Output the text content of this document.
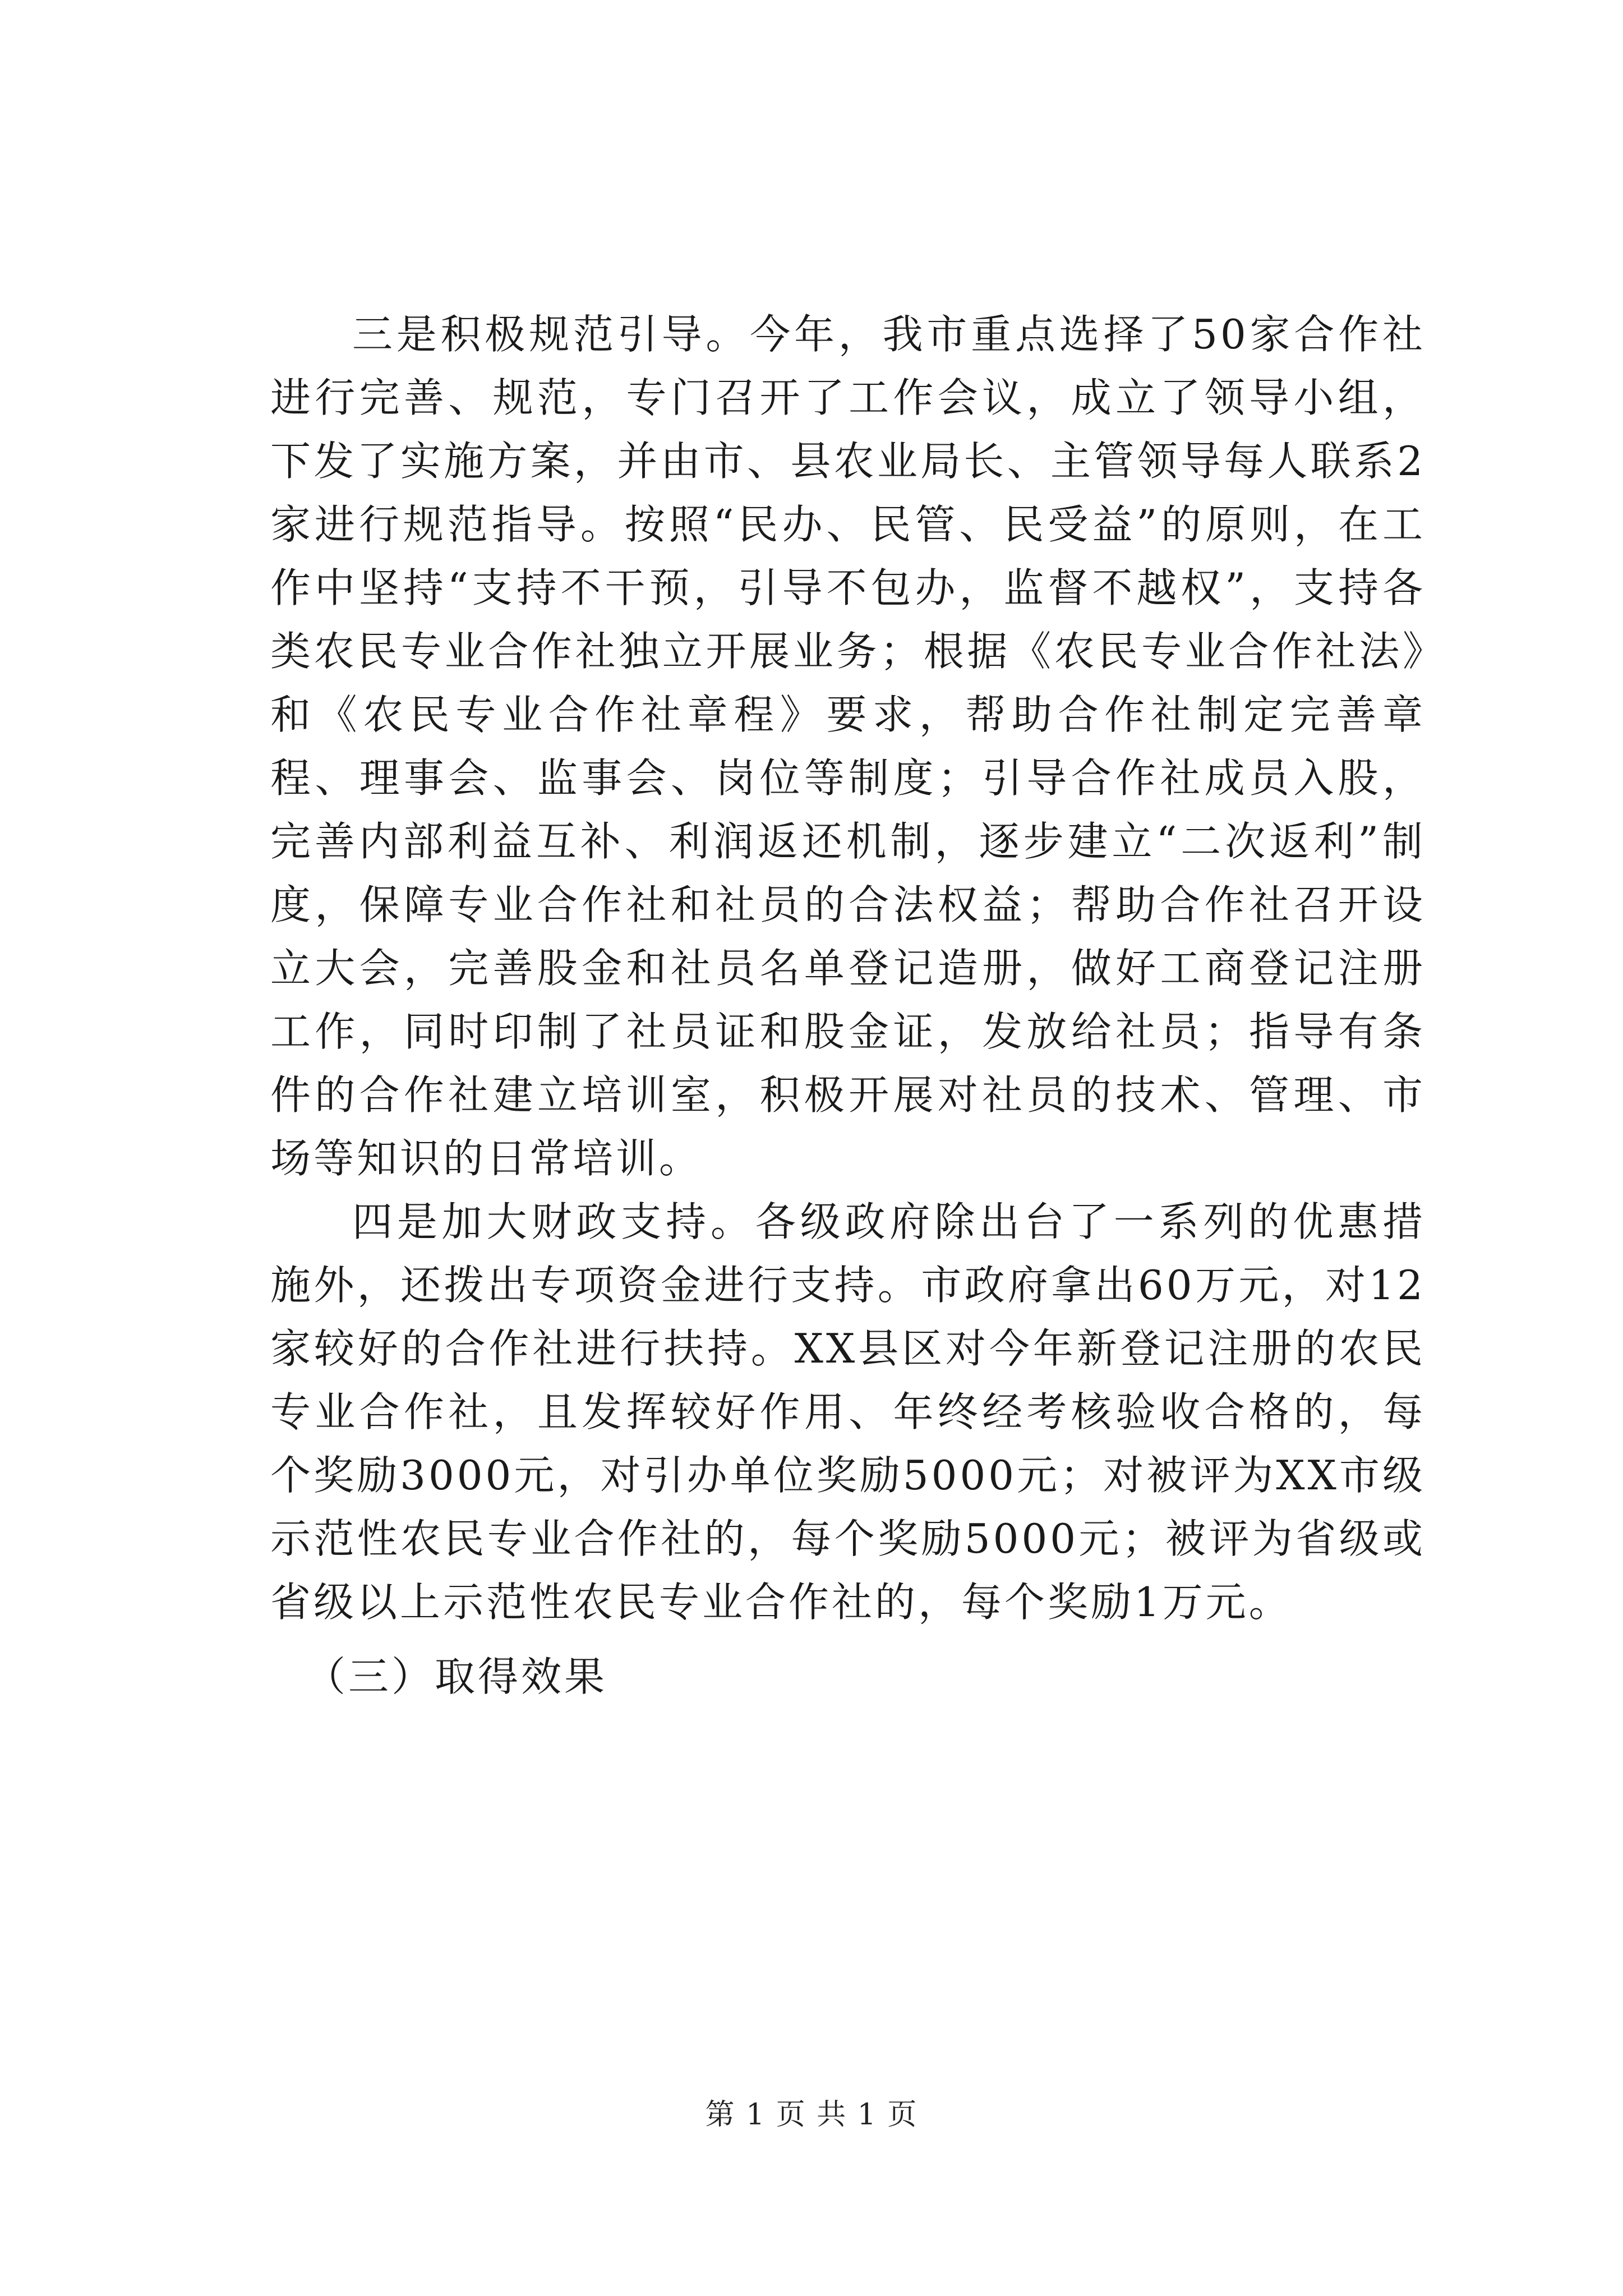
三是积极规范引导。今年，我市重点选择了50家合作社进行完善、规范，专门召开了工作会议，成立了领导小组，下发了实施方案，并由市、县农业局长、主管领导每人联系2家进行规范指导。按照“民办、民管、民受益”的原则，在工作中坚持“支持不干预，引导不包办，监督不越权”，支持各类农民专业合作社独立开展业务；根据《农民专业合作社法》和《农民专业合作社章程》要求，帮助合作社制定完善章程、理事会、监事会、岗位等制度；引导合作社成员入股，完善内部利益互补、利润返还机制，逐步建立“二次返利”制度，保障专业合作社和社员的合法权益；帮助合作社召开设立大会，完善股金和社员名单登记造册，做好工商登记注册工作，同时印制了社员证和股金证，发放给社员；指导有条件的合作社建立培训室，积极开展对社员的技术、管理、市场等知识的日常培训。

四是加大财政支持。各级政府除出台了一系列的优惠措施外，还拨出专项资金进行支持。市政府拿出60万元，对12家较好的合作社进行扶持。XX县区对今年新登记注册的农民专业合作社，且发挥较好作用、年终经考核验收合格的，每个奖励3000元，对引办单位奖励5000元；对被评为XX市级示范性农民专业合作社的，每个奖励5000元；被评为省级或省级以上示范性农民专业合作社的，每个奖励1万元。

（三）取得效果

第 1 页 共 1 页
